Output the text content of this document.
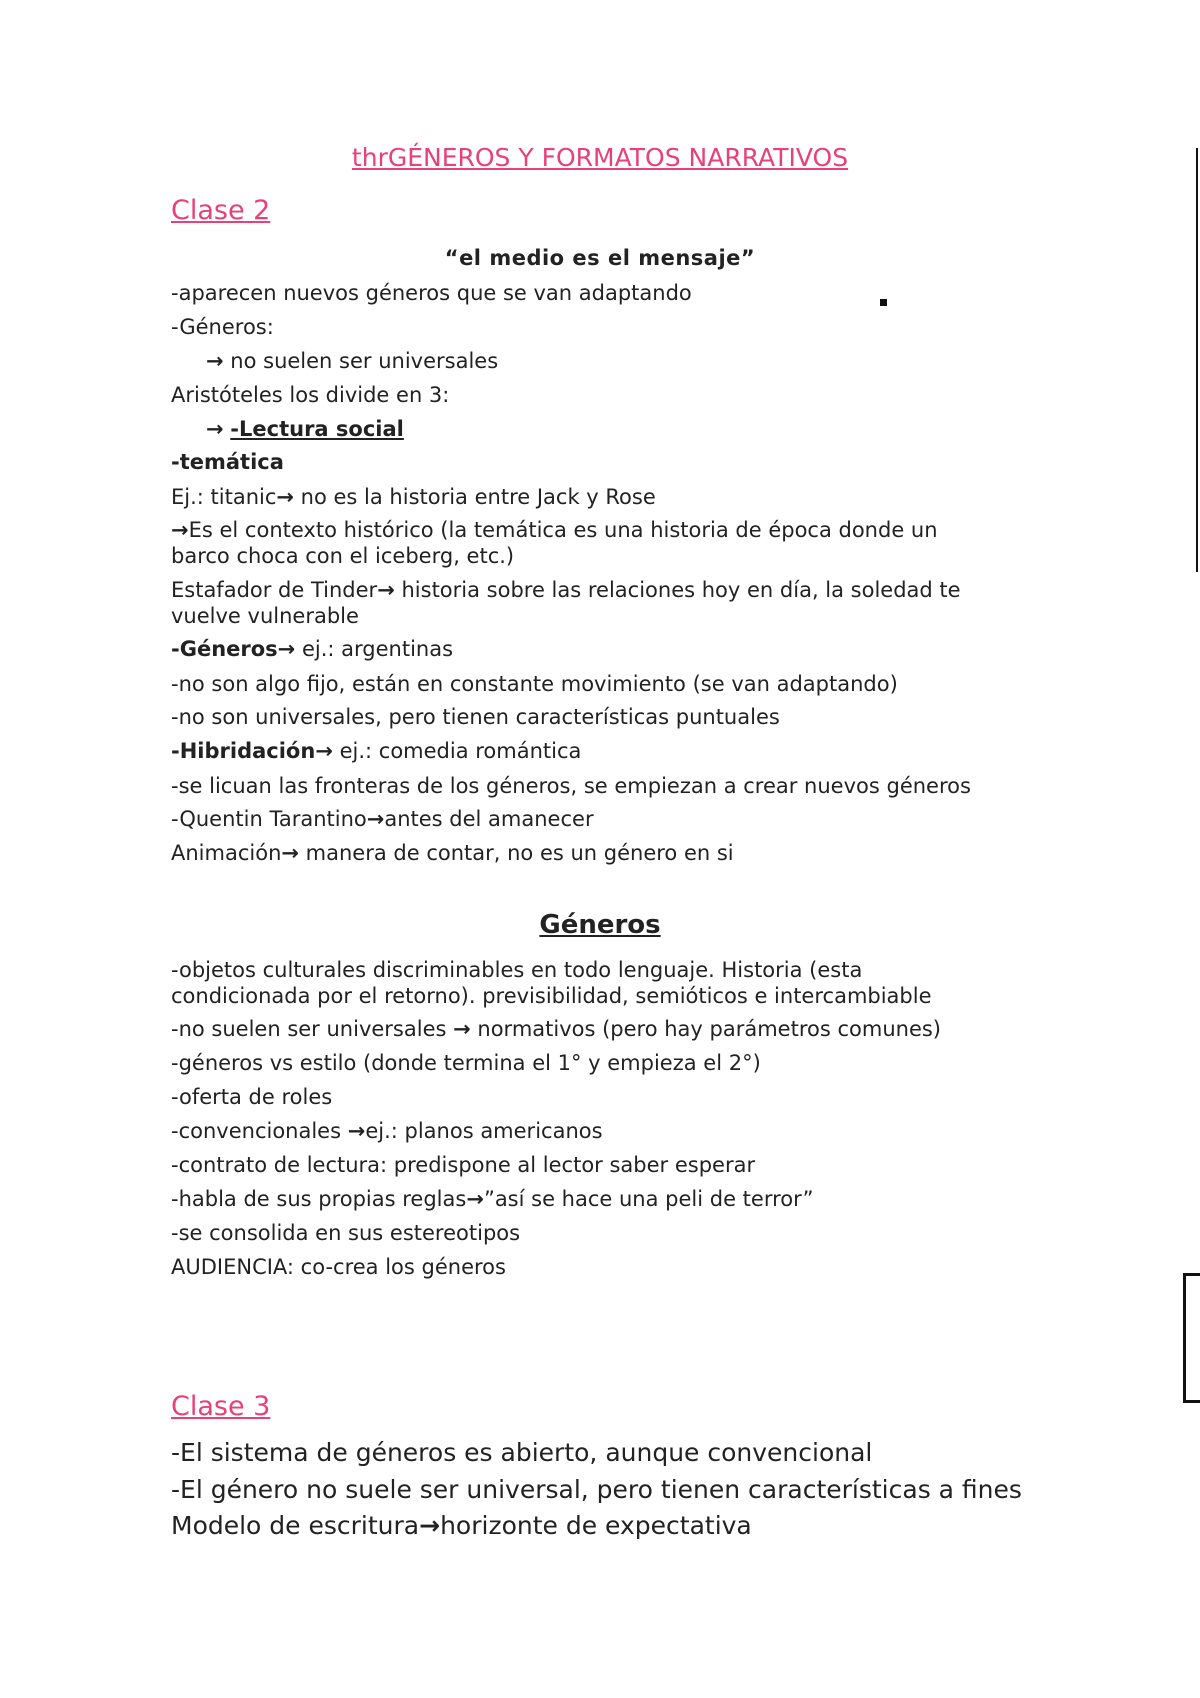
thrGÉNEROS Y FORMATOS NARRATIVOS
Clase 2
“el medio es el mensaje”
-aparecen nuevos géneros que se van adaptando
-Géneros:
→ no suelen ser universales
Aristóteles los divide en 3:
→ -Lectura social
-temática
Ej.: titanic→ no es la historia entre Jack y Rose
→Es el contexto histórico (la temática es una historia de época donde un
barco choca con el iceberg, etc.)
Estafador de Tinder→ historia sobre las relaciones hoy en día, la soledad te
vuelve vulnerable
-Géneros→ ej.: argentinas
-no son algo fijo, están en constante movimiento (se van adaptando)
-no son universales, pero tienen características puntuales
-Hibridación→ ej.: comedia romántica
-se licuan las fronteras de los géneros, se empiezan a crear nuevos géneros
-Quentin Tarantino→antes del amanecer
Animación→ manera de contar, no es un género en si
Géneros
-objetos culturales discriminables en todo lenguaje. Historia (esta
condicionada por el retorno). previsibilidad, semióticos e intercambiable
-no suelen ser universales → normativos (pero hay parámetros comunes)
-géneros vs estilo (donde termina el 1° y empieza el 2°)
-oferta de roles
-convencionales →ej.: planos americanos
-contrato de lectura: predispone al lector saber esperar
-habla de sus propias reglas→”así se hace una peli de terror”
-se consolida en sus estereotipos
AUDIENCIA: co-crea los géneros
Clase 3
-El sistema de géneros es abierto, aunque convencional
-El género no suele ser universal, pero tienen características a fines
Modelo de escritura→horizonte de expectativa
